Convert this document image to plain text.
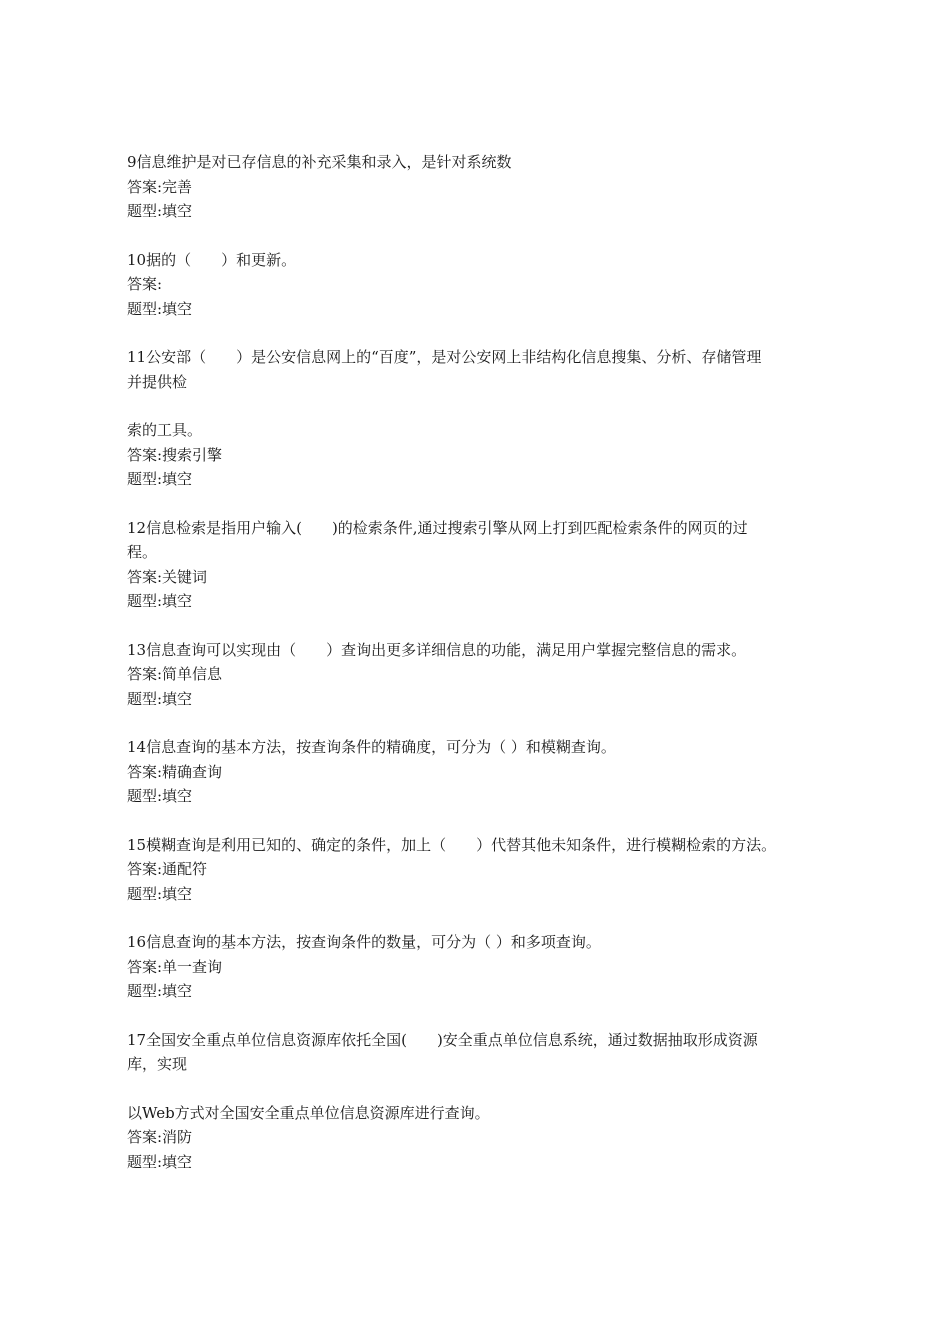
9信息维护是对已存信息的补充采集和录入，是针对系统数
答案:完善
题型:填空
10据的（　　）和更新。
答案:
题型:填空
11公安部（　　）是公安信息网上的“百度”，是对公安网上非结构化信息搜集、分析、存储管理
并提供检
索的工具。
答案:搜索引擎
题型:填空
12信息检索是指用户输入(　　)的检索条件,通过搜索引擎从网上打到匹配检索条件的网页的过
程。
答案:关键词
题型:填空
13信息查询可以实现由（　　）查询出更多详细信息的功能，满足用户掌握完整信息的需求。
答案:简单信息
题型:填空
14信息查询的基本方法，按查询条件的精确度，可分为（ ）和模糊查询。
答案:精确查询
题型:填空
15模糊查询是利用已知的、确定的条件，加上（　　）代替其他未知条件，进行模糊检索的方法。
答案:通配符
题型:填空
16信息查询的基本方法，按查询条件的数量，可分为（ ）和多项查询。
答案:单一查询
题型:填空
17全国安全重点单位信息资源库依托全国(　　)安全重点单位信息系统，通过数据抽取形成资源
库，实现
以Web方式对全国安全重点单位信息资源库进行查询。
答案:消防
题型:填空
